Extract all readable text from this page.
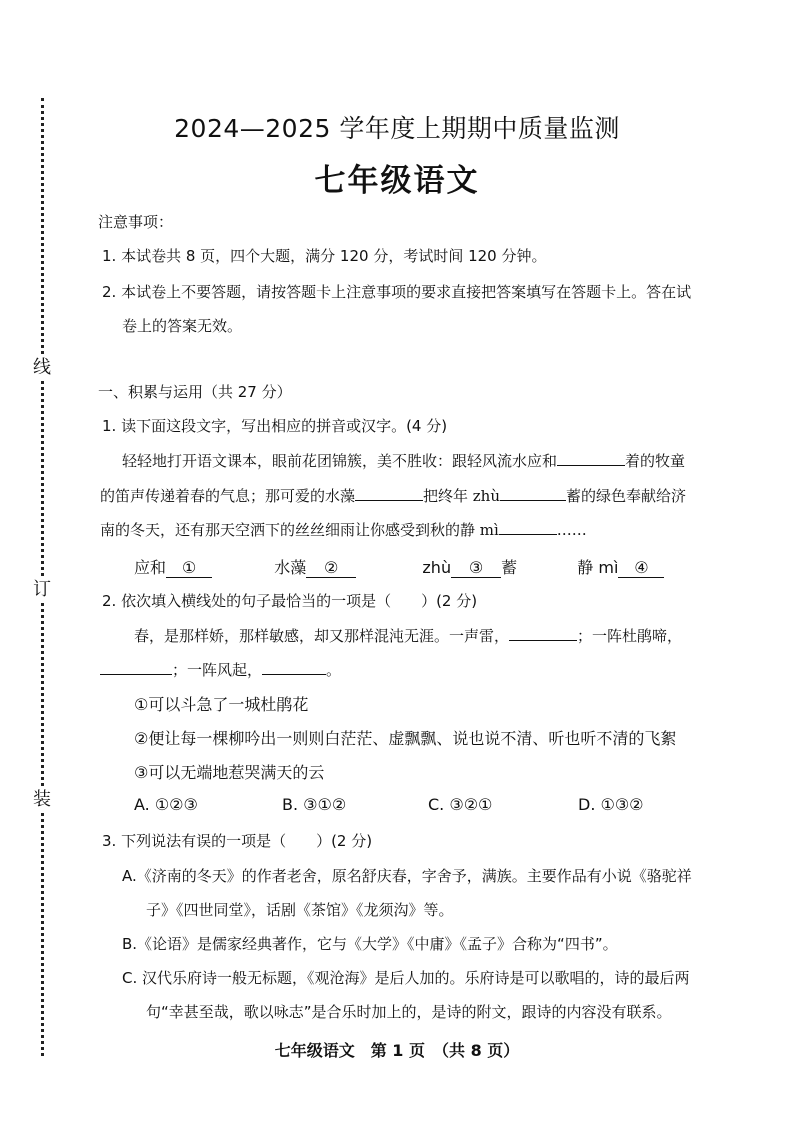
线
订
装
2024—2025 学年度上期期中质量监测
七年级语文
注意事项：
1. 本试卷共 8 页，四个大题，满分 120 分，考试时间 120 分钟。
2. 本试卷上不要答题，请按答题卡上注意事项的要求直接把答案填写在答题卡上。答在试
卷上的答案无效。
一、积累与运用（共 27 分）
1. 读下面这段文字，写出相应的拼音或汉字。(4 分)
轻轻地打开语文课本，眼前花团锦簇，美不胜收：跟轻风流水应和	着的牧童
的笛声传递着春的气息；那可爱的水藻	把终年 zhù	蓄的绿色奉献给济
南的冬天，还有那天空洒下的丝丝细雨让你感受到秋的静 mì	……
应和 ①	水藻 ②	zhù ③ 蓄	静 mì ④
2. 依次填入横线处的句子最恰当的一项是（　　）(2 分)
春，是那样娇，那样敏感，却又那样混沌无涯。一声雷，	；一阵杜鹃啼，
；一阵风起，	。
①可以斗急了一城杜鹃花
②便让每一棵柳吟出一则则白茫茫、虚飘飘、说也说不清、听也听不清的飞絮
③可以无端地惹哭满天的云
A. ①②③	B. ③①②	C. ③②①	D. ①③②
3. 下列说法有误的一项是（　　）(2 分)
A.《济南的冬天》的作者老舍，原名舒庆春，字舍予，满族。主要作品有小说《骆驼祥
子》《四世同堂》，话剧《茶馆》《龙须沟》等。
B.《论语》是儒家经典著作，它与《大学》《中庸》《孟子》合称为“四书”。
C. 汉代乐府诗一般无标题，《观沧海》是后人加的。乐府诗是可以歌唱的，诗的最后两
句“幸甚至哉，歌以咏志”是合乐时加上的，是诗的附文，跟诗的内容没有联系。
七年级语文　第 1 页　（共 8 页）
